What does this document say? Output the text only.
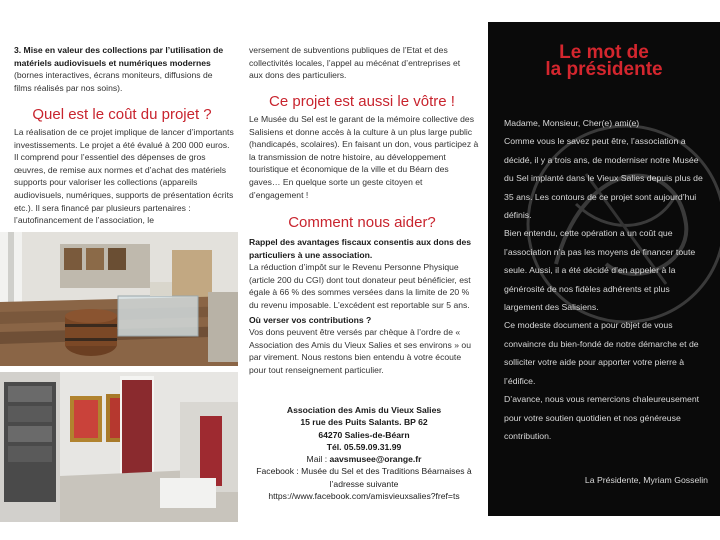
3. Mise en valeur des collections par l’utilisation de matériels audiovisuels et numériques modernes
(bornes interactives, écrans moniteurs, diffusions de films réalisés par nos soins).
Quel est le coût du projet ?
La réalisation de ce projet implique de lancer d’importants investissements. Le projet a été évalué à 200 000 euros. Il comprend pour l’essentiel des dépenses de gros œuvres, de remise aux normes et d’achat des matériels supports pour valoriser les collections (appareils audiovisuels, numériques, supports de présentation écrits etc.). Il sera financé par plusieurs partenaires : l’autofinancement de l’association, le
versement de subventions publiques de l’Etat et des collectivités locales, l’appel au mécénat d’entreprises et aux dons des particuliers.
Ce projet est aussi le vôtre !
Le Musée du Sel est le garant de la mémoire collective des Salisiens et donne accès à la culture à un plus large public (handicapés, scolaires). En faisant un don, vous participez à la transmission de notre histoire, au développement touristique et économique de la ville et du Béarn des gaves… En quelque sorte un geste citoyen et d’engagement !
Comment nous aider?
Rappel des avantages fiscaux consentis aux dons des particuliers à une association.
La réduction d’impôt sur le Revenu Personne Physique (article 200 du CGI) dont tout donateur peut bénéficier, est égale à 66 % des sommes versées dans la limite de 20 % du revenu imposable. L’excédent est reportable sur 5 ans.
Où verser vos contributions ?
Vos dons peuvent être versés par chèque à l’ordre de « Association des Amis du Vieux Salies et ses environs » ou par virement. Nous restons bien entendu à votre écoute pour tout renseignement particulier.
Association des Amis du Vieux Salies
15 rue des Puits Salants. BP 62
64270 Salies-de-Béarn
Tél. 05.59.09.31.99
Mail : aavsmusee@orange.fr
Facebook : Musée du Sel et des Traditions Béarnaises à l’adresse suivante
https://www.facebook.com/amisvieuxsalies?fref=ts
Le mot de
la présidente
Madame, Monsieur, Cher(e) ami(e)
Comme vous le savez peut être, l’association a décidé, il y a trois ans, de moderniser notre Musée du Sel implanté dans le Vieux Salies depuis plus de 35 ans. Les contours de ce projet sont aujourd’hui définis.
Bien entendu, cette opération a un coût que l’association n’a pas les moyens de financer toute seule. Aussi, il a été décidé d’en appeler à la générosité de nos fidèles adhérents et plus largement des Salisiens.
Ce modeste document a pour objet de vous convaincre du bien-fondé de notre démarche et de solliciter votre aide pour apporter votre pierre à l’édifice.
D’avance, nous vous remercions chaleureusement pour votre soutien quotidien et nos généreuse contribution.
La Présidente, Myriam Gosselin
